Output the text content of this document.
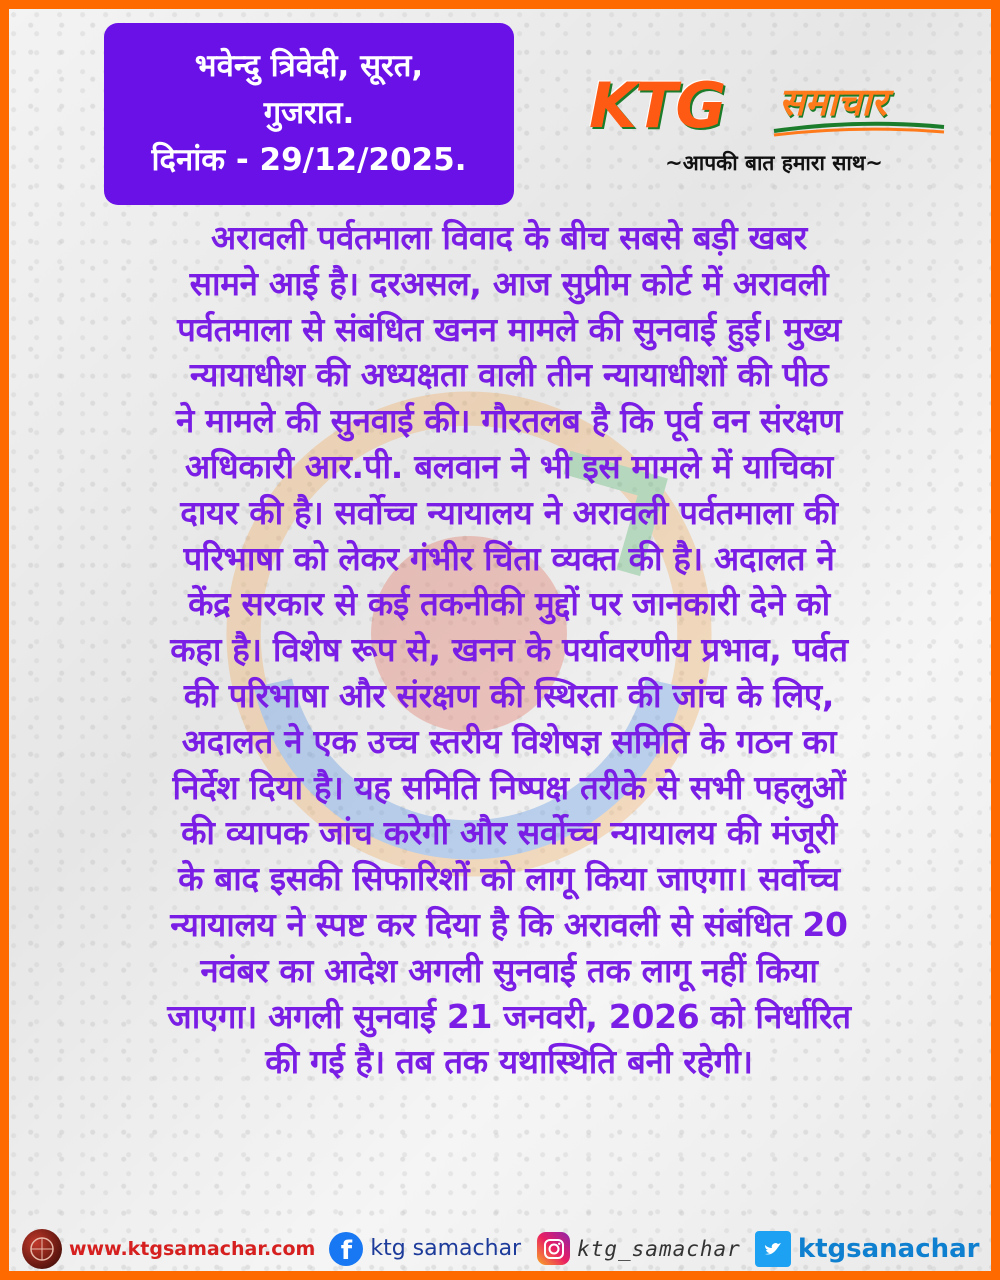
भवेन्दु त्रिवेदी, सूरत,
गुजरात.
दिनांक - 29/12/2025.
KTG समाचार
~आपकी बात हमारा साथ~
अरावली पर्वतमाला विवाद के बीच सबसे बड़ी खबर
सामने आई है। दरअसल, आज सुप्रीम कोर्ट में अरावली
पर्वतमाला से संबंधित खनन मामले की सुनवाई हुई। मुख्य
न्यायाधीश की अध्यक्षता वाली तीन न्यायाधीशों की पीठ
ने मामले की सुनवाई की। गौरतलब है कि पूर्व वन संरक्षण
अधिकारी आर.पी. बलवान ने भी इस मामले में याचिका
दायर की है। सर्वोच्च न्यायालय ने अरावली पर्वतमाला की
परिभाषा को लेकर गंभीर चिंता व्यक्त की है। अदालत ने
केंद्र सरकार से कई तकनीकी मुद्दों पर जानकारी देने को
कहा है। विशेष रूप से, खनन के पर्यावरणीय प्रभाव, पर्वत
की परिभाषा और संरक्षण की स्थिरता की जांच के लिए,
अदालत ने एक उच्च स्तरीय विशेषज्ञ समिति के गठन का
निर्देश दिया है। यह समिति निष्पक्ष तरीके से सभी पहलुओं
की व्यापक जांच करेगी और सर्वोच्च न्यायालय की मंजूरी
के बाद इसकी सिफारिशों को लागू किया जाएगा। सर्वोच्च
न्यायालय ने स्पष्ट कर दिया है कि अरावली से संबंधित 20
नवंबर का आदेश अगली सुनवाई तक लागू नहीं किया
जाएगा। अगली सुनवाई 21 जनवरी, 2026 को निर्धारित
की गई है। तब तक यथास्थिति बनी रहेगी।
www.ktgsamachar.com f ktg samachar	ktg_samachar ktgsanachar
